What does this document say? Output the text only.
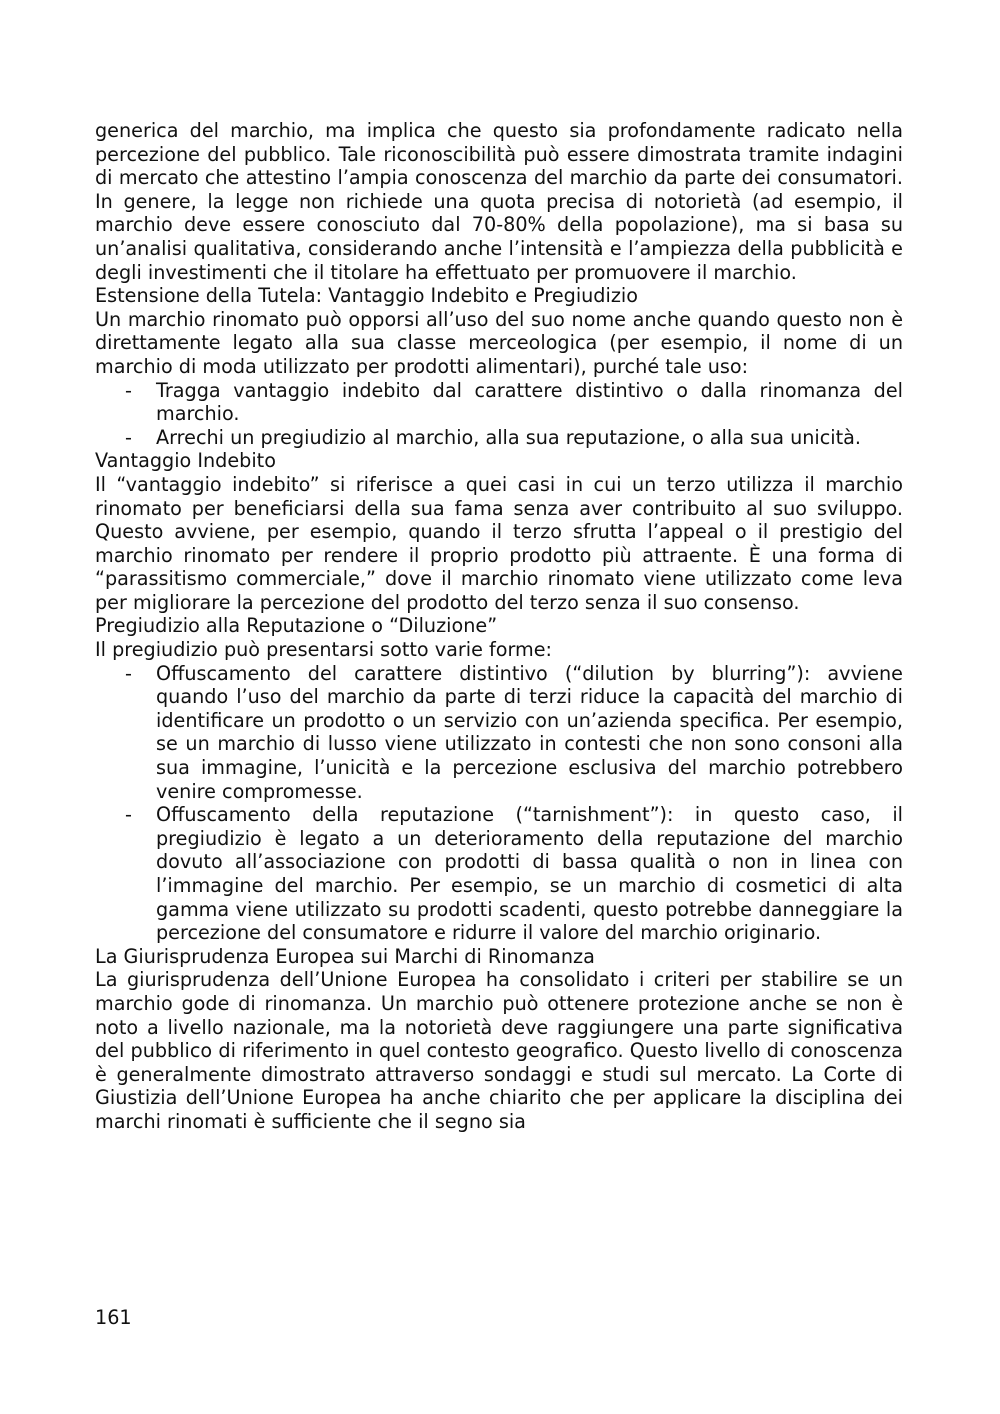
generica del marchio, ma implica che questo sia profondamente radicato nella percezione del pubblico. Tale riconoscibilità può essere dimostrata tramite indagini di mercato che attestino l’ampia conoscenza del marchio da parte dei consumatori. In genere, la legge non richiede una quota precisa di notorietà (ad esempio, il marchio deve essere conosciuto dal 70-80% della popolazione), ma si basa su un’analisi qualitativa, considerando anche l’intensità e l’ampiezza della pubblicità e degli investimenti che il titolare ha effettuato per promuovere il marchio.

Estensione della Tutela: Vantaggio Indebito e Pregiudizio

Un marchio rinomato può opporsi all’uso del suo nome anche quando questo non è direttamente legato alla sua classe merceologica (per esempio, il nome di un marchio di moda utilizzato per prodotti alimentari), purché tale uso:

- Tragga vantaggio indebito dal carattere distintivo o dalla rinomanza del marchio.
- Arrechi un pregiudizio al marchio, alla sua reputazione, o alla sua unicità.

Vantaggio Indebito

Il “vantaggio indebito” si riferisce a quei casi in cui un terzo utilizza il marchio rinomato per beneficiarsi della sua fama senza aver contribuito al suo sviluppo. Questo avviene, per esempio, quando il terzo sfrutta l’appeal o il prestigio del marchio rinomato per rendere il proprio prodotto più attraente. È una forma di “parassitismo commerciale,” dove il marchio rinomato viene utilizzato come leva per migliorare la percezione del prodotto del terzo senza il suo consenso.

Pregiudizio alla Reputazione o “Diluzione”

Il pregiudizio può presentarsi sotto varie forme:

- Offuscamento del carattere distintivo (“dilution by blurring”): avviene quando l’uso del marchio da parte di terzi riduce la capacità del marchio di identificare un prodotto o un servizio con un’azienda specifica. Per esempio, se un marchio di lusso viene utilizzato in contesti che non sono consoni alla sua immagine, l’unicità e la percezione esclusiva del marchio potrebbero venire compromesse.
- Offuscamento della reputazione (“tarnishment”): in questo caso, il pregiudizio è legato a un deterioramento della reputazione del marchio dovuto all’associazione con prodotti di bassa qualità o non in linea con l’immagine del marchio. Per esempio, se un marchio di cosmetici di alta gamma viene utilizzato su prodotti scadenti, questo potrebbe danneggiare la percezione del consumatore e ridurre il valore del marchio originario.

La Giurisprudenza Europea sui Marchi di Rinomanza

La giurisprudenza dell’Unione Europea ha consolidato i criteri per stabilire se un marchio gode di rinomanza. Un marchio può ottenere protezione anche se non è noto a livello nazionale, ma la notorietà deve raggiungere una parte significativa del pubblico di riferimento in quel contesto geografico. Questo livello di conoscenza è generalmente dimostrato attraverso sondaggi e studi sul mercato. La Corte di Giustizia dell’Unione Europea ha anche chiarito che per applicare la disciplina dei marchi rinomati è sufficiente che il segno sia

161
